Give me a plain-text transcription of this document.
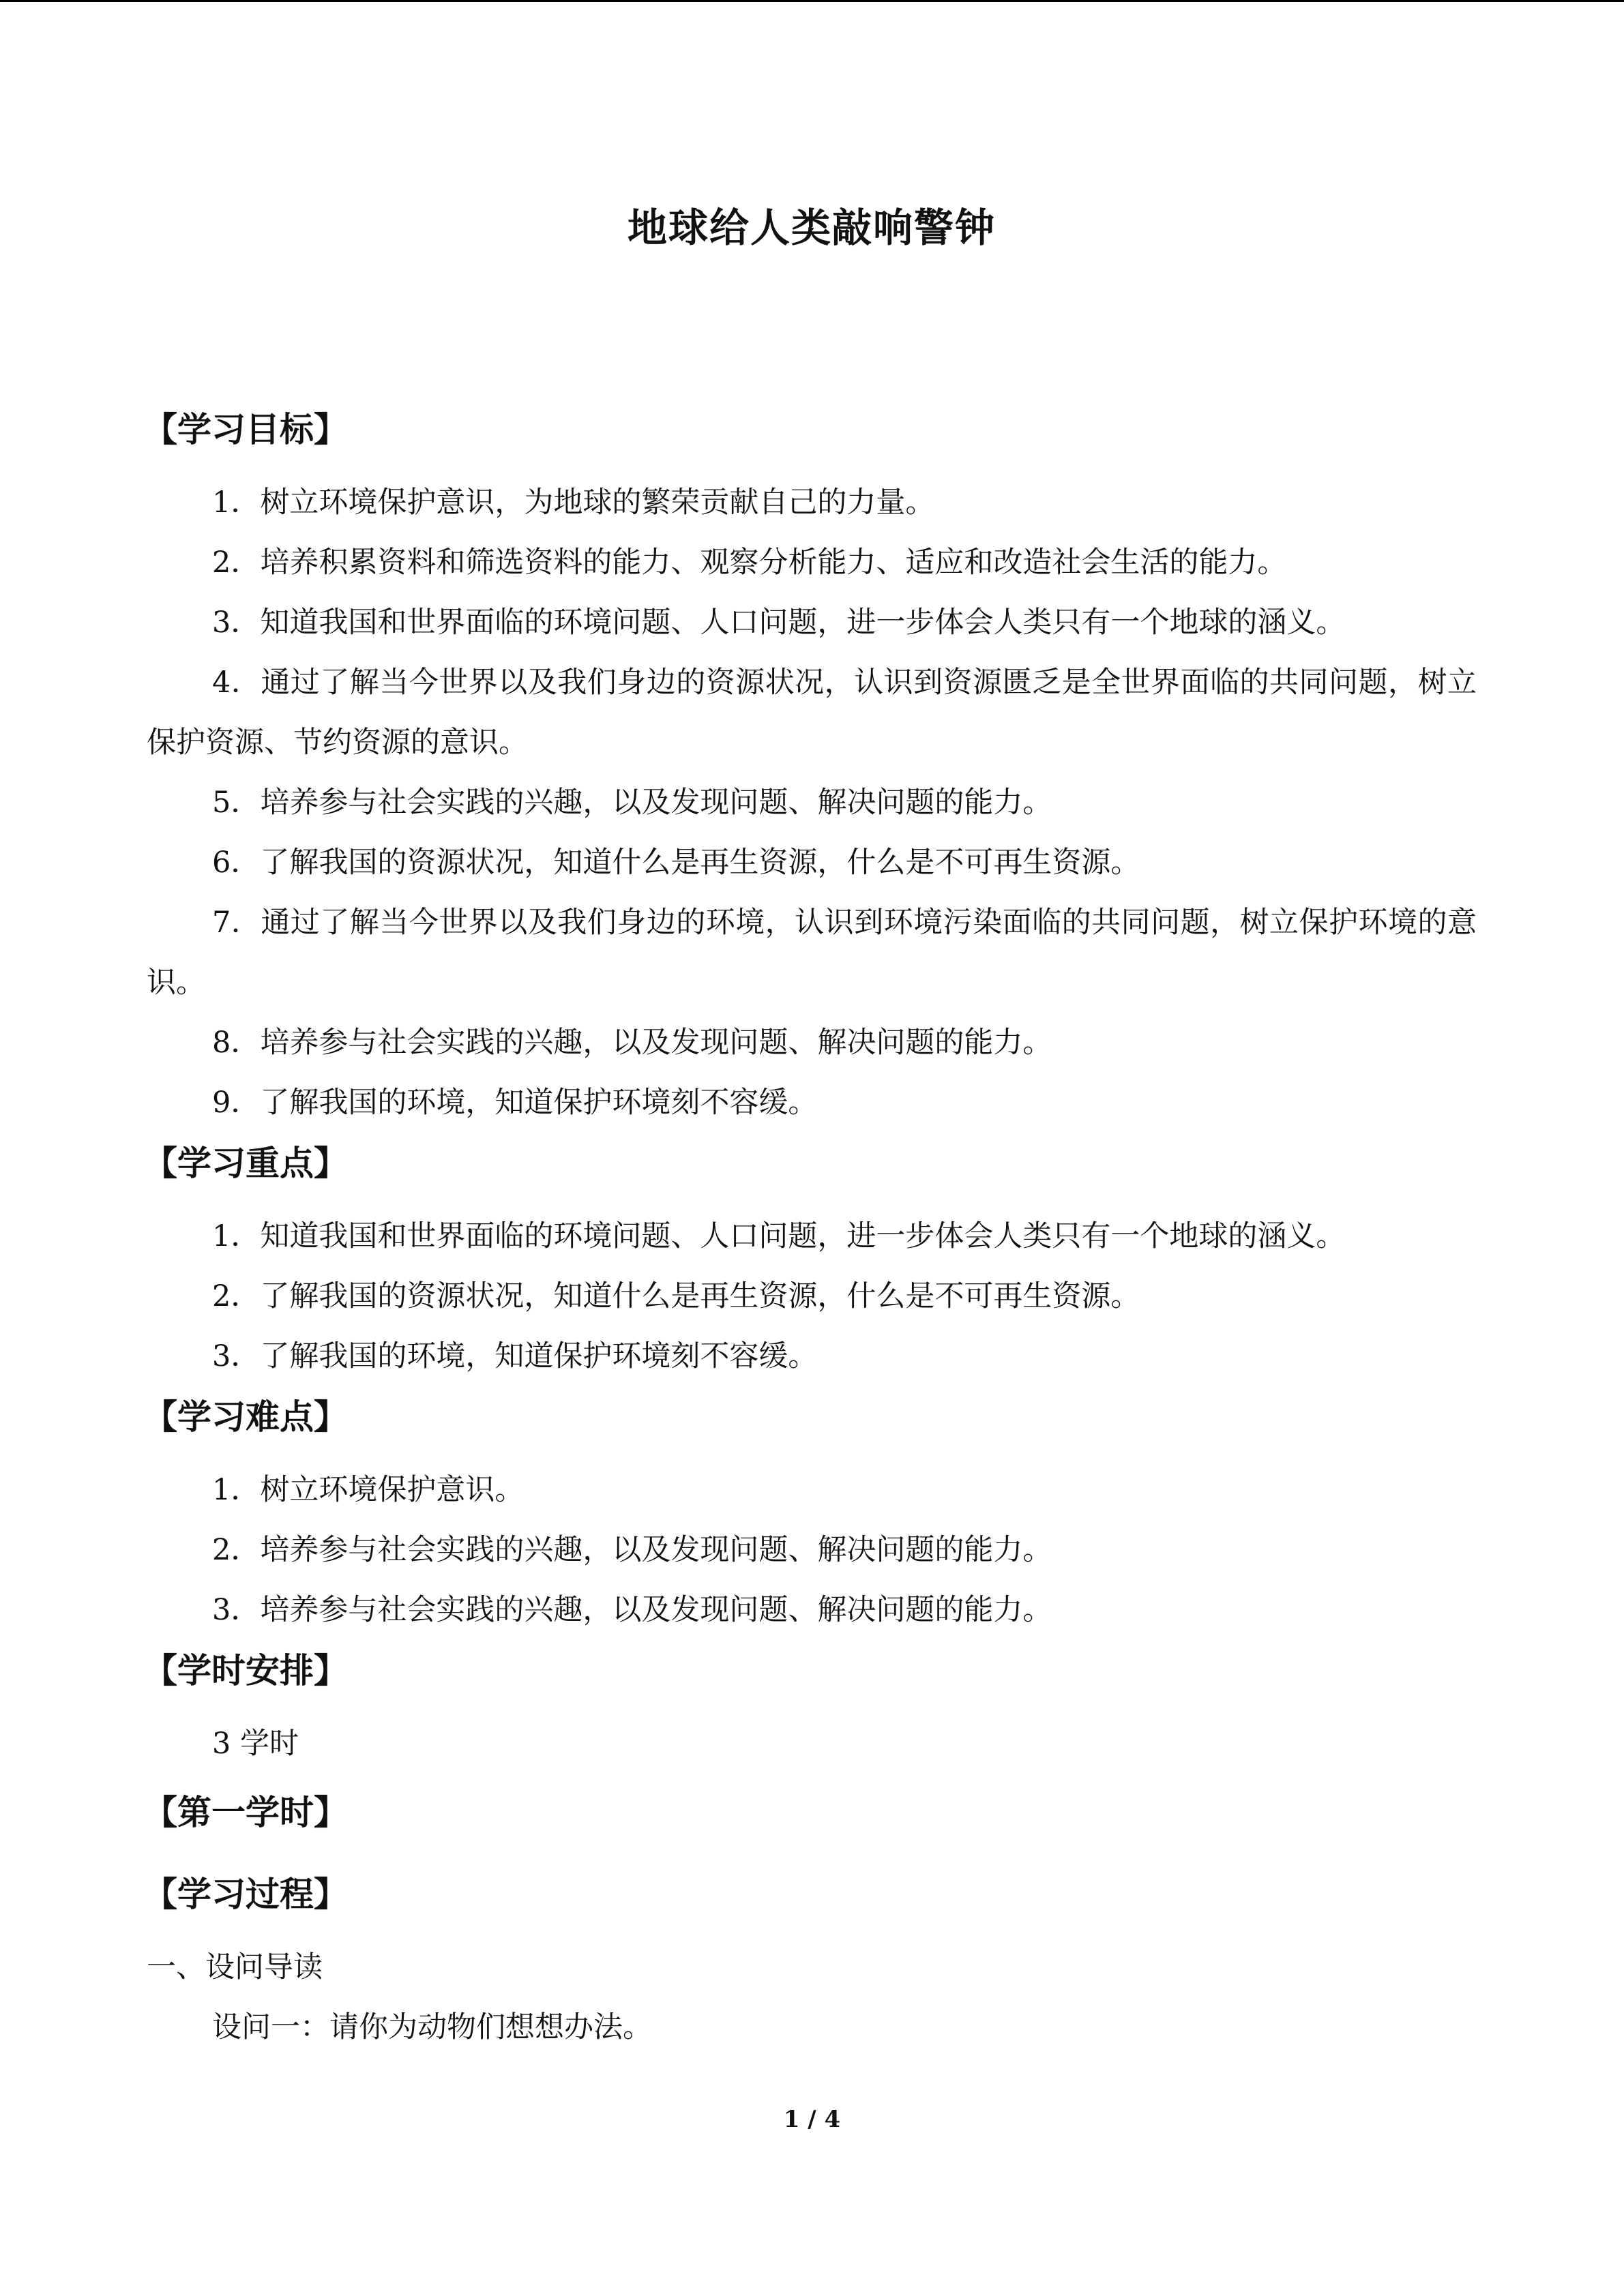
地球给人类敲响警钟
【学习目标】

1．树立环境保护意识，为地球的繁荣贡献自己的力量。

2．培养积累资料和筛选资料的能力、观察分析能力、适应和改造社会生活的能力。

3．知道我国和世界面临的环境问题、人口问题，进一步体会人类只有一个地球的涵义。

4．通过了解当今世界以及我们身边的资源状况，认识到资源匮乏是全世界面临的共同问题，树立保护资源、节约资源的意识。

5．培养参与社会实践的兴趣，以及发现问题、解决问题的能力。

6．了解我国的资源状况，知道什么是再生资源，什么是不可再生资源。

7．通过了解当今世界以及我们身边的环境，认识到环境污染面临的共同问题，树立保护环境的意识。

8．培养参与社会实践的兴趣，以及发现问题、解决问题的能力。

9．了解我国的环境，知道保护环境刻不容缓。

【学习重点】

1．知道我国和世界面临的环境问题、人口问题，进一步体会人类只有一个地球的涵义。

2．了解我国的资源状况，知道什么是再生资源，什么是不可再生资源。

3．了解我国的环境，知道保护环境刻不容缓。

【学习难点】

1．树立环境保护意识。

2．培养参与社会实践的兴趣，以及发现问题、解决问题的能力。

3．培养参与社会实践的兴趣，以及发现问题、解决问题的能力。

【学时安排】

3 学时

【第一学时】
【学习过程】

一、设问导读

设问一：请你为动物们想想办法。

1 / 4
